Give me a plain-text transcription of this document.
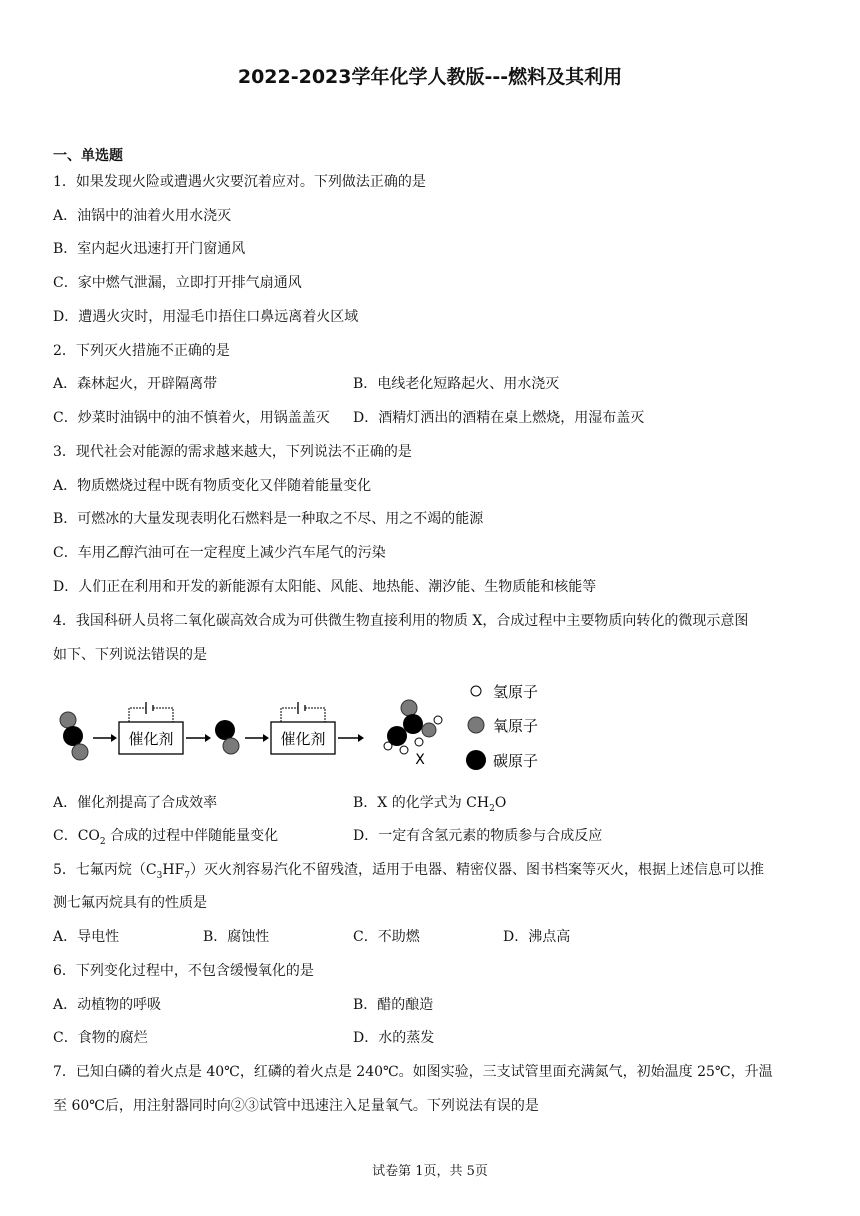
2022-2023学年化学人教版---燃料及其利用
一、单选题
1．如果发现火险或遭遇火灾要沉着应对。下列做法正确的是
A．油锅中的油着火用水浇灭
B．室内起火迅速打开门窗通风
C．家中燃气泄漏，立即打开排气扇通风
D．遭遇火灾时，用湿毛巾捂住口鼻远离着火区域
2．下列灭火措施不正确的是
A．森林起火，开辟隔离带	B．电线老化短路起火、用水浇灭
C．炒菜时油锅中的油不慎着火，用锅盖盖灭 D．酒精灯洒出的酒精在桌上燃烧，用湿布盖灭
3．现代社会对能源的需求越来越大，下列说法不正确的是
A．物质燃烧过程中既有物质变化又伴随着能量变化
B．可燃冰的大量发现表明化石燃料是一种取之不尽、用之不竭的能源
C．车用乙醇汽油可在一定程度上减少汽车尾气的污染
D．人们正在利用和开发的新能源有太阳能、风能、地热能、潮汐能、生物质能和核能等
4．我国科研人员将二氧化碳高效合成为可供微生物直接利用的物质 X，合成过程中主要物质向转化的微现示意图
如下、下列说法错误的是
催化剂	催化剂
X
氢原子
氧原子
碳原子
A．催化剂提高了合成效率	B．X 的化学式为 $CH_2O$
C．$CO_2$ 合成的过程中伴随能量变化	D．一定有含氢元素的物质参与合成反应
5．七氟丙烷$(C_3HF_7)$灭火剂容易汽化不留残渣，适用于电器、精密仪器、图书档案等灭火，根据上述信息可以推
测七氟丙烷具有的性质是
A．导电性	B．腐蚀性	C．不助燃	D．沸点高
6．下列变化过程中，不包含缓慢氧化的是
A．动植物的呼吸	B．醋的酿造
C．食物的腐烂	D．水的蒸发
7．已知白磷的着火点是 40℃，红磷的着火点是 240℃。如图实验，三支试管里面充满氮气，初始温度 25℃，升温
至 60℃后，用注射器同时向②③试管中迅速注入足量氧气。下列说法有误的是
试卷第 1页，共 5页
